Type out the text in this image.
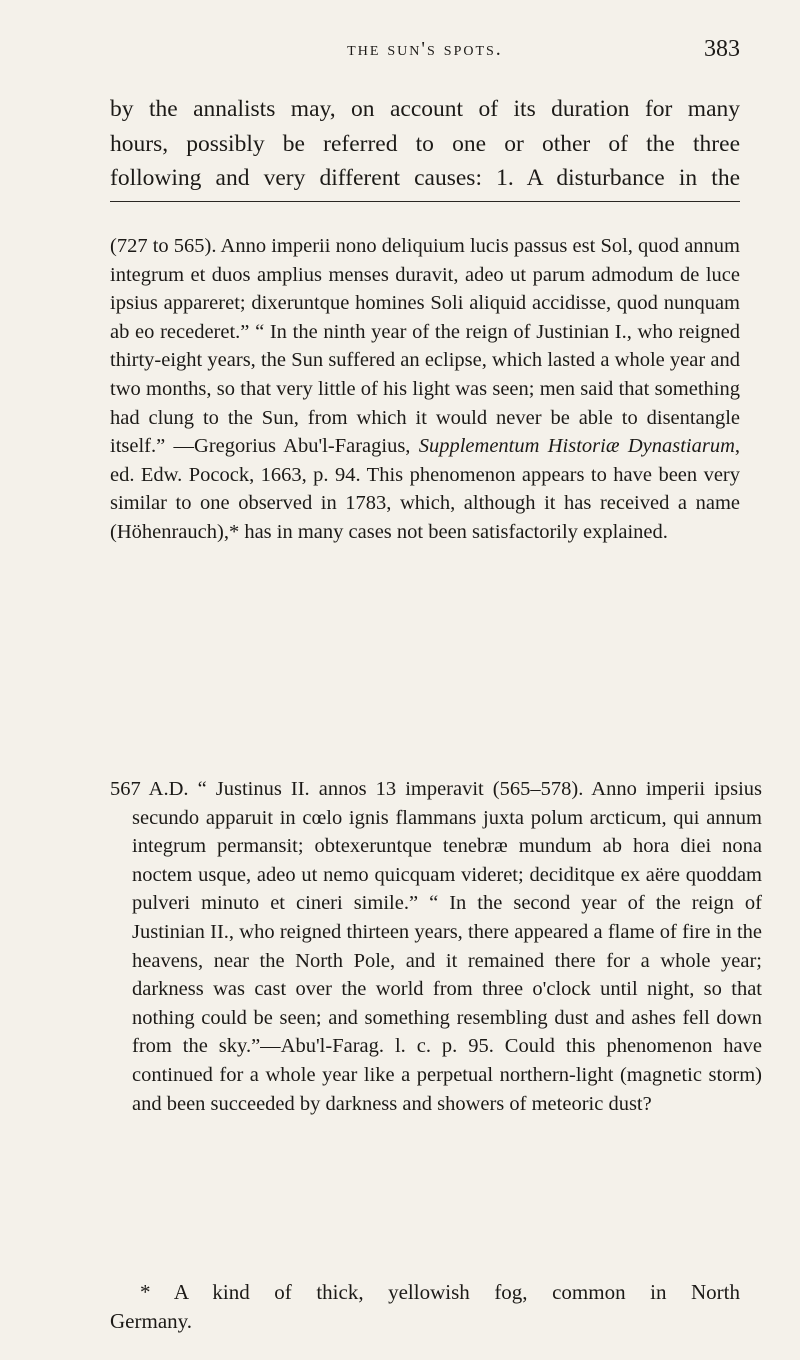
the sun's spots.	383
by the annalists may, on account of its duration for many
hours, possibly be referred to one or other of the three
following and very different causes: 1. A disturbance in the

(727 to 565). Anno imperii nono deliquium lucis passus est Sol, quod annum integrum et duos amplius menses duravit, adeo ut parum admodum de luce ipsius appareret; dixeruntque homines Soli aliquid accidisse, quod nunquam ab eo recederet.” “ In the ninth year of the reign of Justinian I., who reigned thirty-eight years, the Sun suffered an eclipse, which lasted a whole year and two months, so that very little of his light was seen; men said that something had clung to the Sun, from which it would never be able to disentangle itself.” —Gregorius Abu'l-Faragius, Supplementum Historiæ Dynastiarum, ed. Edw. Pocock, 1663, p. 94. This phenomenon appears to have been very similar to one observed in 1783, which, although it has received a name (Höhenrauch),* has in many cases not been satisfactorily explained.

567 A.D. “ Justinus II. annos 13 imperavit (565–578). Anno imperii ipsius secundo apparuit in cœlo ignis flammans juxta polum arcticum, qui annum integrum permansit; obtexeruntque tenebræ mundum ab hora diei nona noctem usque, adeo ut nemo quicquam videret; deciditque ex aëre quoddam pulveri minuto et cineri simile.” “ In the second year of the reign of Justinian II., who reigned thirteen years, there appeared a flame of fire in the heavens, near the North Pole, and it remained there for a whole year; darkness was cast over the world from three o'clock until night, so that nothing could be seen; and something resembling dust and ashes fell down from the sky.”—Abu'l-Farag. l. c. p. 95. Could this phenomenon have continued for a whole year like a perpetual northern-light (magnetic storm) and been succeeded by darkness and showers of meteoric dust?

* A kind of thick, yellowish fog, common in North
Germany.
